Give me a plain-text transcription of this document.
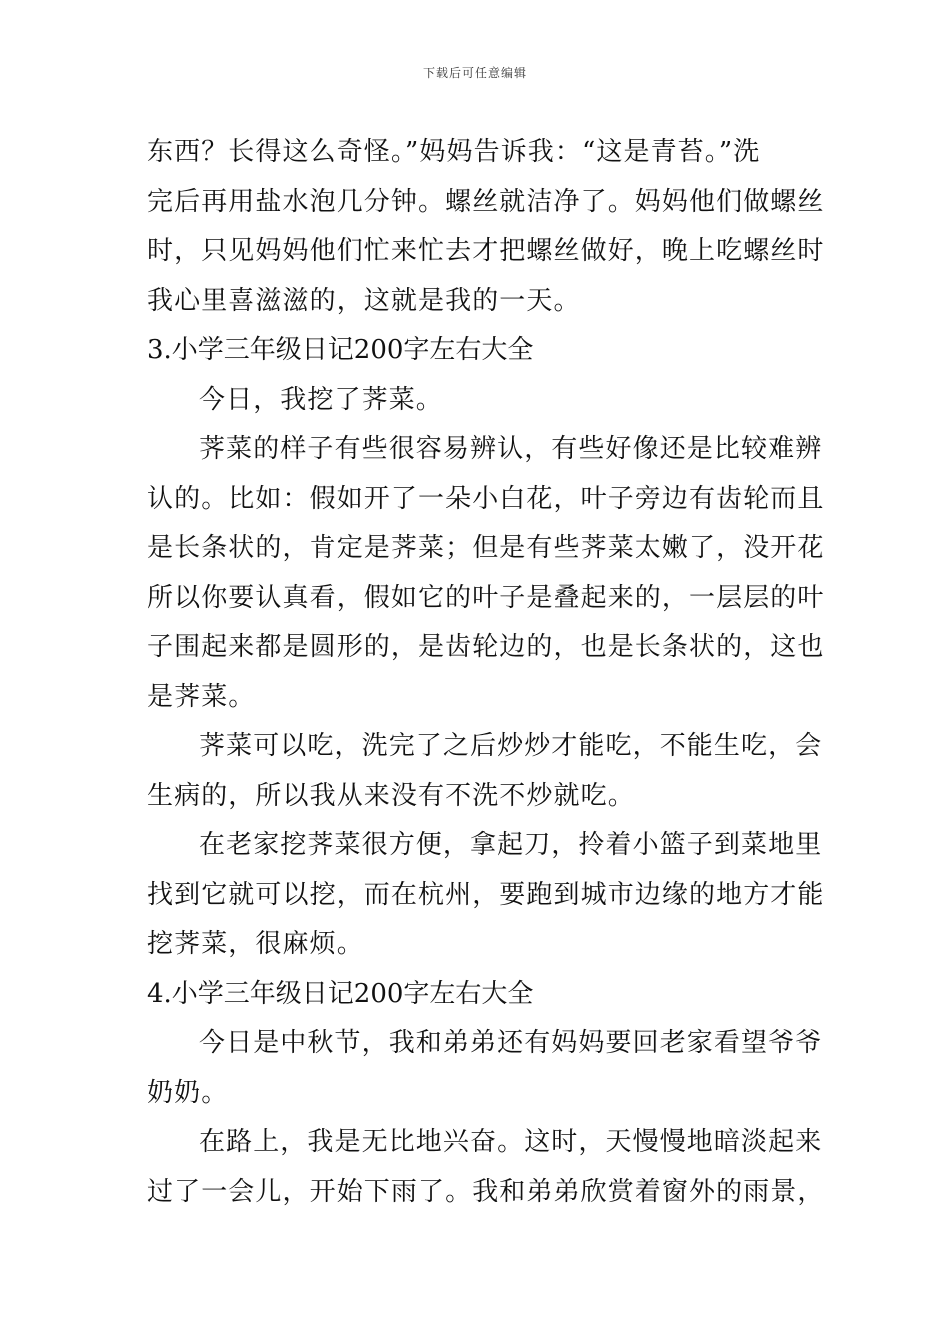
下载后可任意编辑
东西？长得这么奇怪。”妈妈告诉我：“这是青苔。”洗
完后再用盐水泡几分钟。螺丝就洁净了。妈妈他们做螺丝
时，只见妈妈他们忙来忙去才把螺丝做好，晚上吃螺丝时
我心里喜滋滋的，这就是我的一天。
3.小学三年级日记200字左右大全
今日，我挖了荠菜。
荠菜的样子有些很容易辨认，有些好像还是比较难辨
认的。比如：假如开了一朵小白花，叶子旁边有齿轮而且
是长条状的，肯定是荠菜；但是有些荠菜太嫩了，没开花
所以你要认真看，假如它的叶子是叠起来的，一层层的叶
子围起来都是圆形的，是齿轮边的，也是长条状的，这也
是荠菜。
荠菜可以吃，洗完了之后炒炒才能吃，不能生吃，会
生病的，所以我从来没有不洗不炒就吃。
在老家挖荠菜很方便，拿起刀，拎着小篮子到菜地里
找到它就可以挖，而在杭州，要跑到城市边缘的地方才能
挖荠菜，很麻烦。
4.小学三年级日记200字左右大全
今日是中秋节，我和弟弟还有妈妈要回老家看望爷爷
奶奶。
在路上，我是无比地兴奋。这时，天慢慢地暗淡起来
过了一会儿，开始下雨了。我和弟弟欣赏着窗外的雨景，
